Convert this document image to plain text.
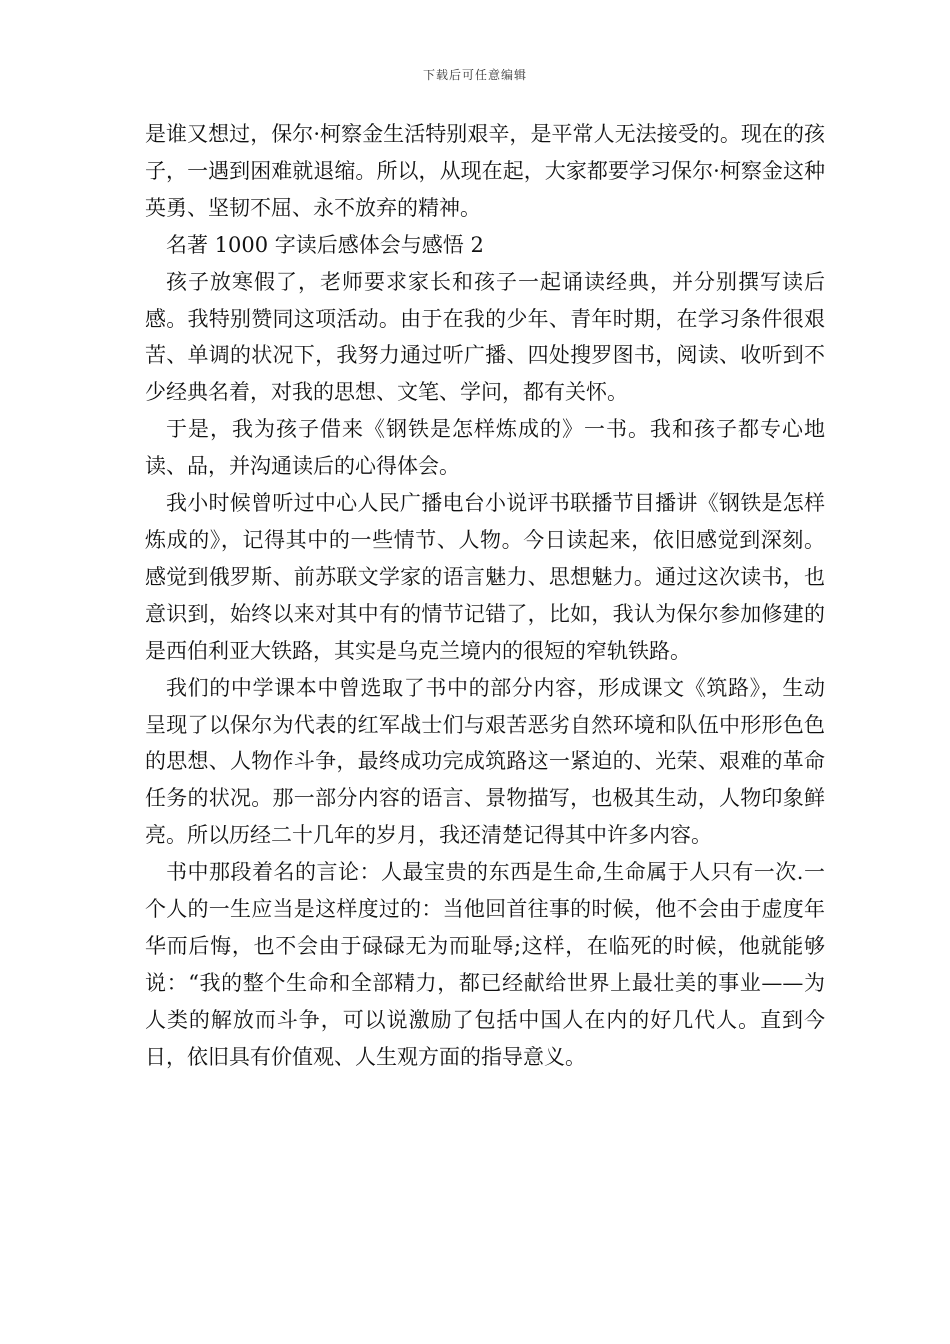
下载后可任意编辑

是谁又想过，保尔·柯察金生活特别艰辛，是平常人无法接受的。现在的孩子，一遇到困难就退缩。所以，从现在起，大家都要学习保尔·柯察金这种英勇、坚韧不屈、永不放弃的精神。

名著 1000 字读后感体会与感悟 2

孩子放寒假了，老师要求家长和孩子一起诵读经典，并分别撰写读后感。我特别赞同这项活动。由于在我的少年、青年时期，在学习条件很艰苦、单调的状况下，我努力通过听广播、四处搜罗图书，阅读、收听到不少经典名着，对我的思想、文笔、学问，都有关怀。

于是，我为孩子借来《钢铁是怎样炼成的》一书。我和孩子都专心地读、品，并沟通读后的心得体会。

我小时候曾听过中心人民广播电台小说评书联播节目播讲《钢铁是怎样炼成的》，记得其中的一些情节、人物。今日读起来，依旧感觉到深刻。感觉到俄罗斯、前苏联文学家的语言魅力、思想魅力。通过这次读书，也意识到，始终以来对其中有的情节记错了，比如，我认为保尔参加修建的是西伯利亚大铁路，其实是乌克兰境内的很短的窄轨铁路。

我们的中学课本中曾选取了书中的部分内容，形成课文《筑路》，生动呈现了以保尔为代表的红军战士们与艰苦恶劣自然环境和队伍中形形色色的思想、人物作斗争，最终成功完成筑路这一紧迫的、光荣、艰难的革命任务的状况。那一部分内容的语言、景物描写，也极其生动，人物印象鲜亮。所以历经二十几年的岁月，我还清楚记得其中许多内容。

书中那段着名的言论：人最宝贵的东西是生命,生命属于人只有一次.一个人的一生应当是这样度过的：当他回首往事的时候，他不会由于虚度年华而后悔，也不会由于碌碌无为而耻辱;这样，在临死的时候，他就能够说：“我的整个生命和全部精力，都已经献给世界上最壮美的事业——为人类的解放而斗争，可以说激励了包括中国人在内的好几代人。直到今日，依旧具有价值观、人生观方面的指导意义。
